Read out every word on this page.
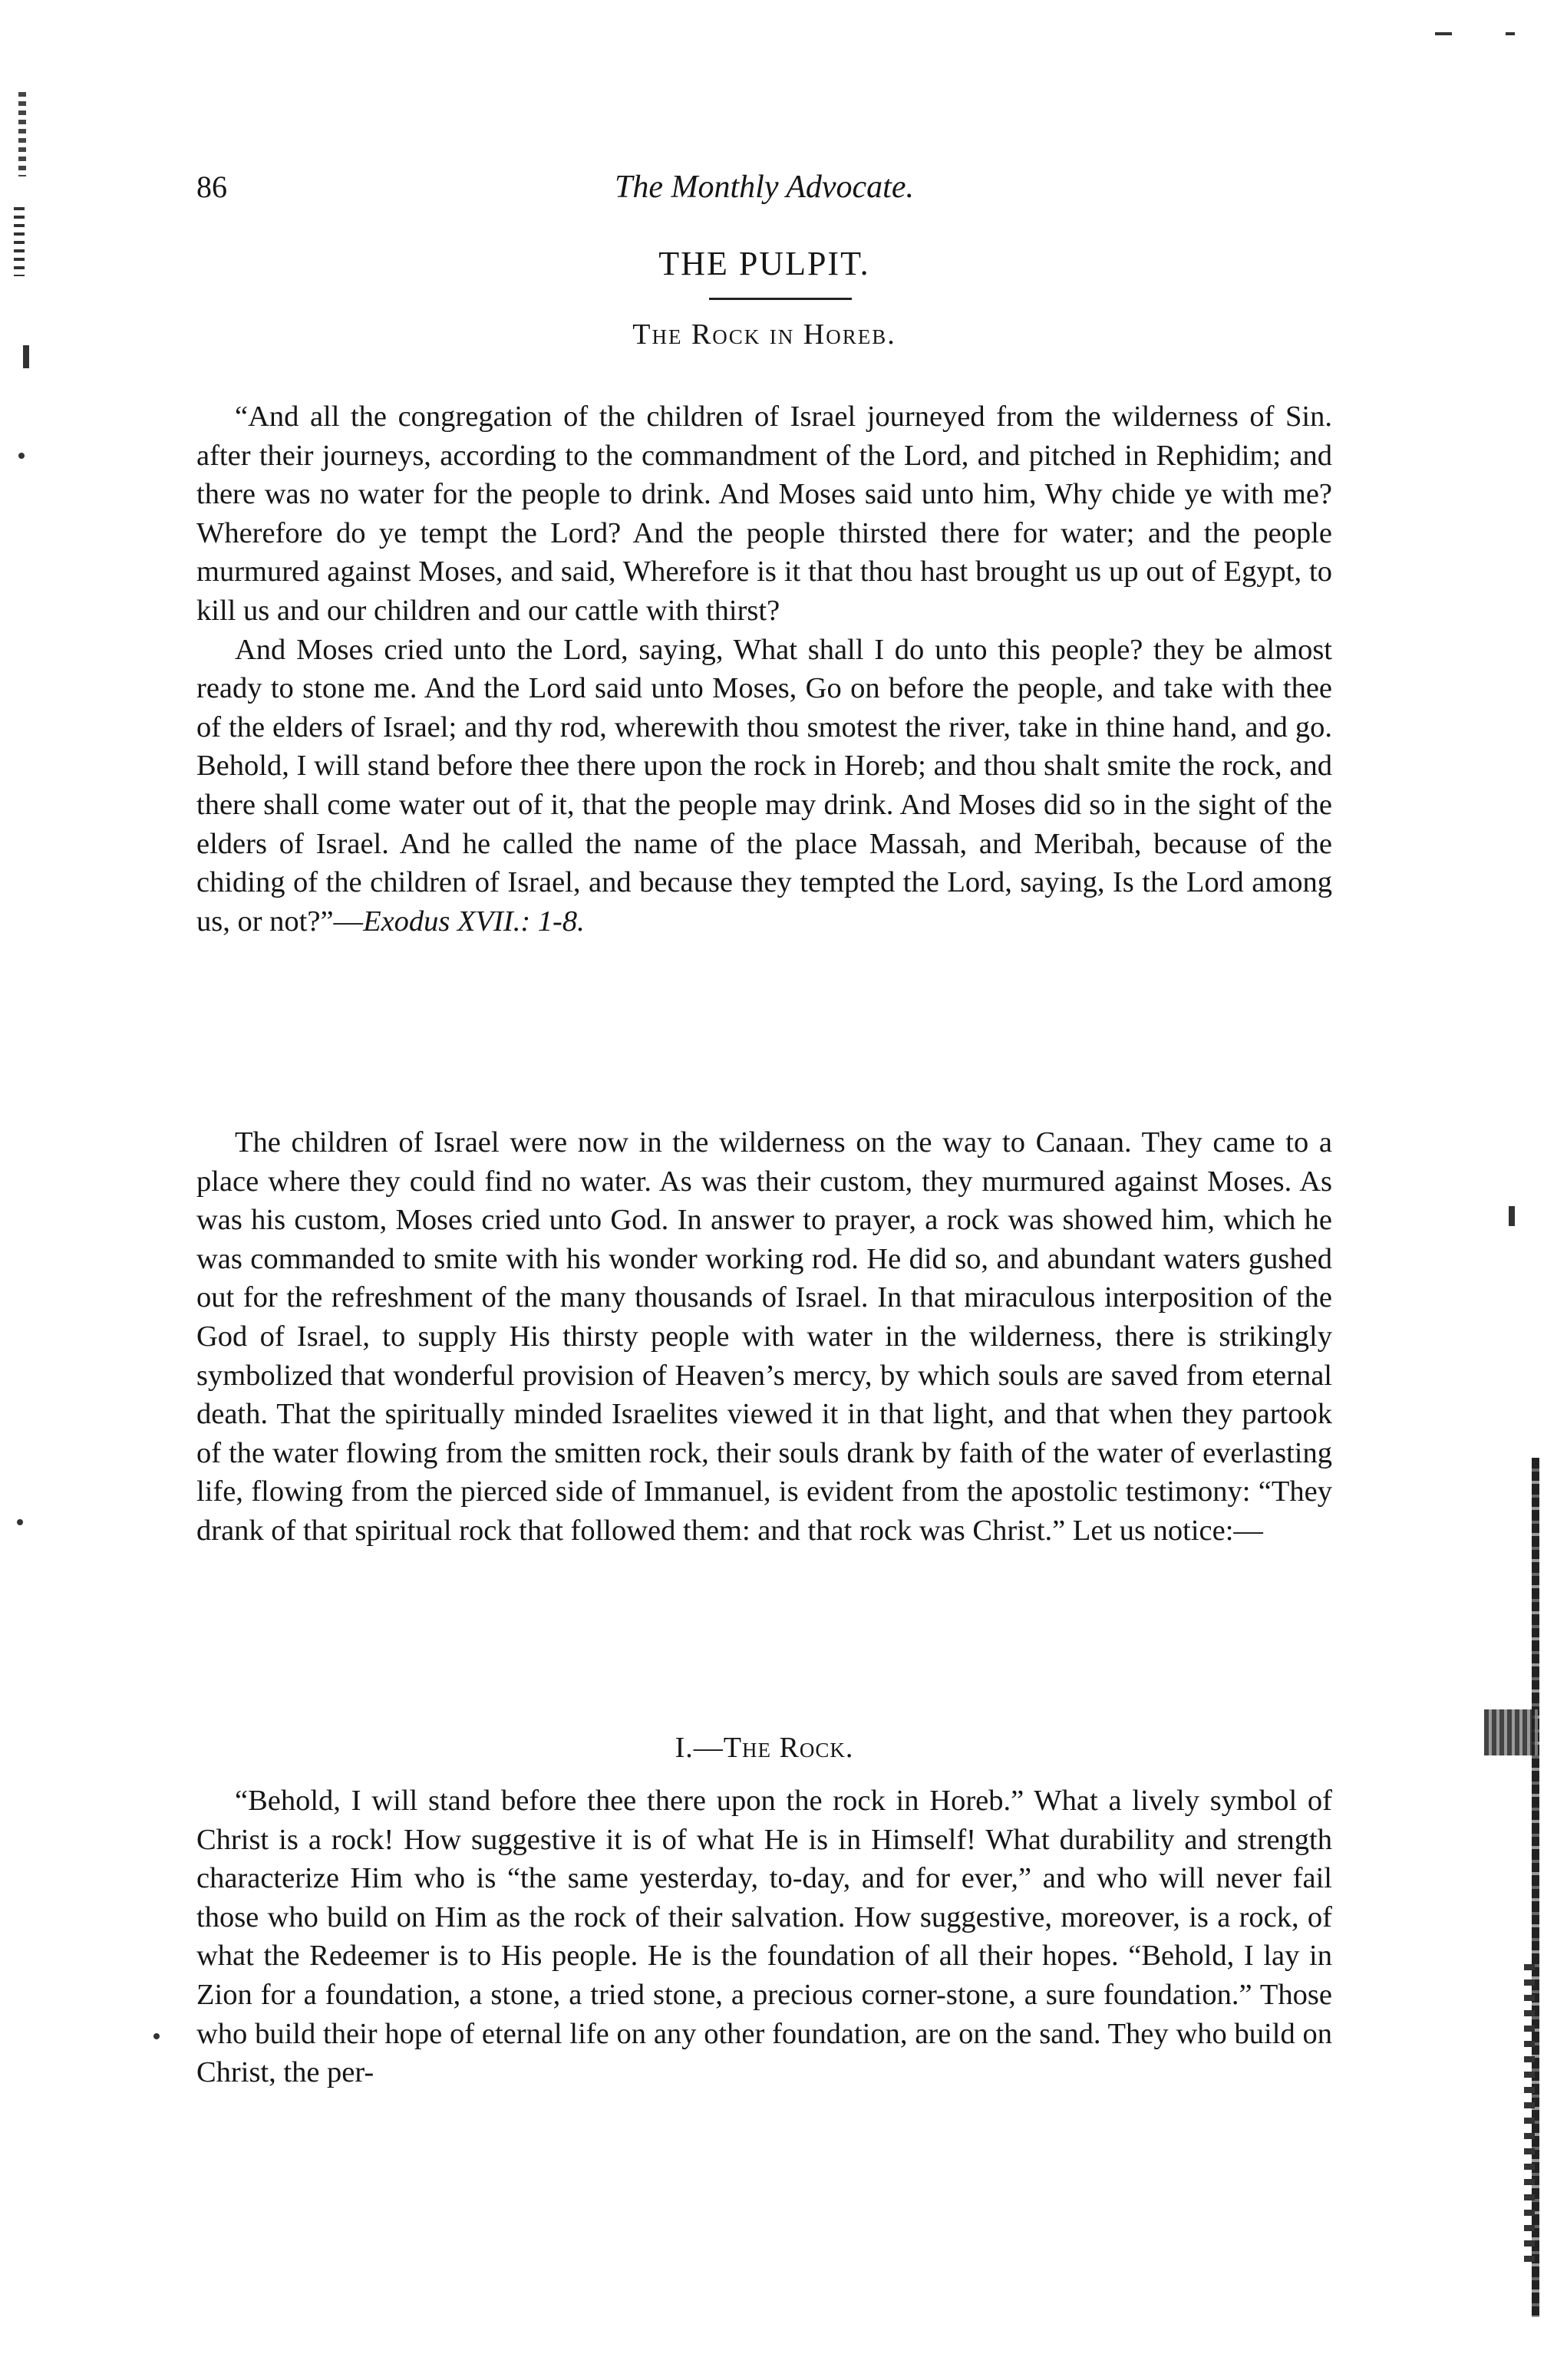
86	The Monthly Advocate.
THE PULPIT.
The Rock in Horeb.

“And all the congregation of the children of Israel journeyed from the wilderness of Sin. after their journeys, according to the commandment of the Lord, and pitched in Rephidim; and there was no water for the people to drink. And Moses said unto him, Why chide ye with me? Wherefore do ye tempt the Lord? And the people thirsted there for water; and the people murmured against Moses, and said, Wherefore is it that thou hast brought us up out of Egypt, to kill us and our children and our cattle with thirst?

And Moses cried unto the Lord, saying, What shall I do unto this people? they be almost ready to stone me. And the Lord said unto Moses, Go on before the people, and take with thee of the elders of Israel; and thy rod, wherewith thou smotest the river, take in thine hand, and go. Behold, I will stand before thee there upon the rock in Horeb; and thou shalt smite the rock, and there shall come water out of it, that the people may drink. And Moses did so in the sight of the elders of Israel. And he called the name of the place Massah, and Meribah, because of the chiding of the children of Israel, and because they tempted the Lord, saying, Is the Lord among us, or not?”—Exodus XVII.: 1-8.

The children of Israel were now in the wilderness on the way to Canaan. They came to a place where they could find no water. As was their custom, they murmured against Moses. As was his custom, Moses cried unto God. In answer to prayer, a rock was showed him, which he was commanded to smite with his wonder working rod. He did so, and abundant waters gushed out for the refreshment of the many thousands of Israel. In that miraculous interposition of the God of Israel, to supply His thirsty people with water in the wilderness, there is strikingly symbolized that wonderful provision of Heaven’s mercy, by which souls are saved from eternal death. That the spiritually minded Israelites viewed it in that light, and that when they partook of the water flowing from the smitten rock, their souls drank by faith of the water of everlasting life, flowing from the pierced side of Immanuel, is evident from the apostolic testimony: “They drank of that spiritual rock that followed them: and that rock was Christ.” Let us notice:—

I.—The Rock.

“Behold, I will stand before thee there upon the rock in Horeb.” What a lively symbol of Christ is a rock! How suggestive it is of what He is in Himself! What durability and strength characterize Him who is “the same yesterday, to-day, and for ever,” and who will never fail those who build on Him as the rock of their salvation. How suggestive, moreover, is a rock, of what the Redeemer is to His people. He is the foundation of all their hopes. “Behold, I lay in Zion for a foundation, a stone, a tried stone, a precious corner-stone, a sure foundation.” Those who build their hope of eternal life on any other foundation, are on the sand. They who build on Christ, the per-
